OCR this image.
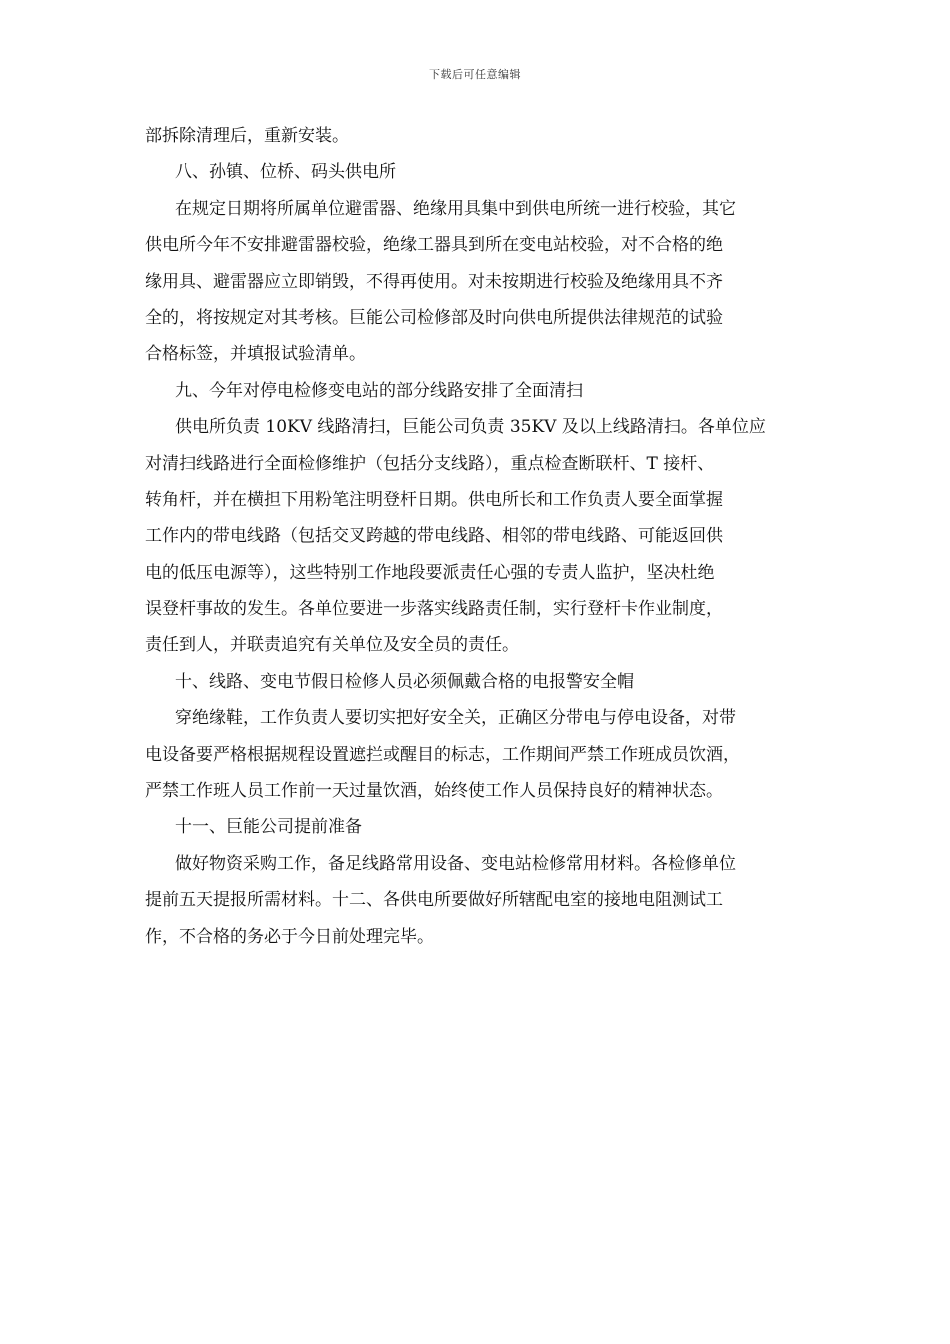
下载后可任意编辑
部拆除清理后，重新安装。
八、孙镇、位桥、码头供电所
在规定日期将所属单位避雷器、绝缘用具集中到供电所统一进行校验，其它
供电所今年不安排避雷器校验，绝缘工器具到所在变电站校验，对不合格的绝
缘用具、避雷器应立即销毁，不得再使用。对未按期进行校验及绝缘用具不齐
全的，将按规定对其考核。巨能公司检修部及时向供电所提供法律规范的试验
合格标签，并填报试验清单。
九、今年对停电检修变电站的部分线路安排了全面清扫
供电所负责 10KV 线路清扫，巨能公司负责 35KV 及以上线路清扫。各单位应
对清扫线路进行全面检修维护（包括分支线路），重点检查断联杆、T 接杆、
转角杆，并在横担下用粉笔注明登杆日期。供电所长和工作负责人要全面掌握
工作内的带电线路（包括交叉跨越的带电线路、相邻的带电线路、可能返回供
电的低压电源等），这些特别工作地段要派责任心强的专责人监护，坚决杜绝
误登杆事故的发生。各单位要进一步落实线路责任制，实行登杆卡作业制度，
责任到人，并联责追究有关单位及安全员的责任。
十、线路、变电节假日检修人员必须佩戴合格的电报警安全帽
穿绝缘鞋，工作负责人要切实把好安全关，正确区分带电与停电设备，对带
电设备要严格根据规程设置遮拦或醒目的标志，工作期间严禁工作班成员饮酒，
严禁工作班人员工作前一天过量饮酒，始终使工作人员保持良好的精神状态。
十一、巨能公司提前准备
做好物资采购工作，备足线路常用设备、变电站检修常用材料。各检修单位
提前五天提报所需材料。十二、各供电所要做好所辖配电室的接地电阻测试工
作，不合格的务必于今日前处理完毕。
